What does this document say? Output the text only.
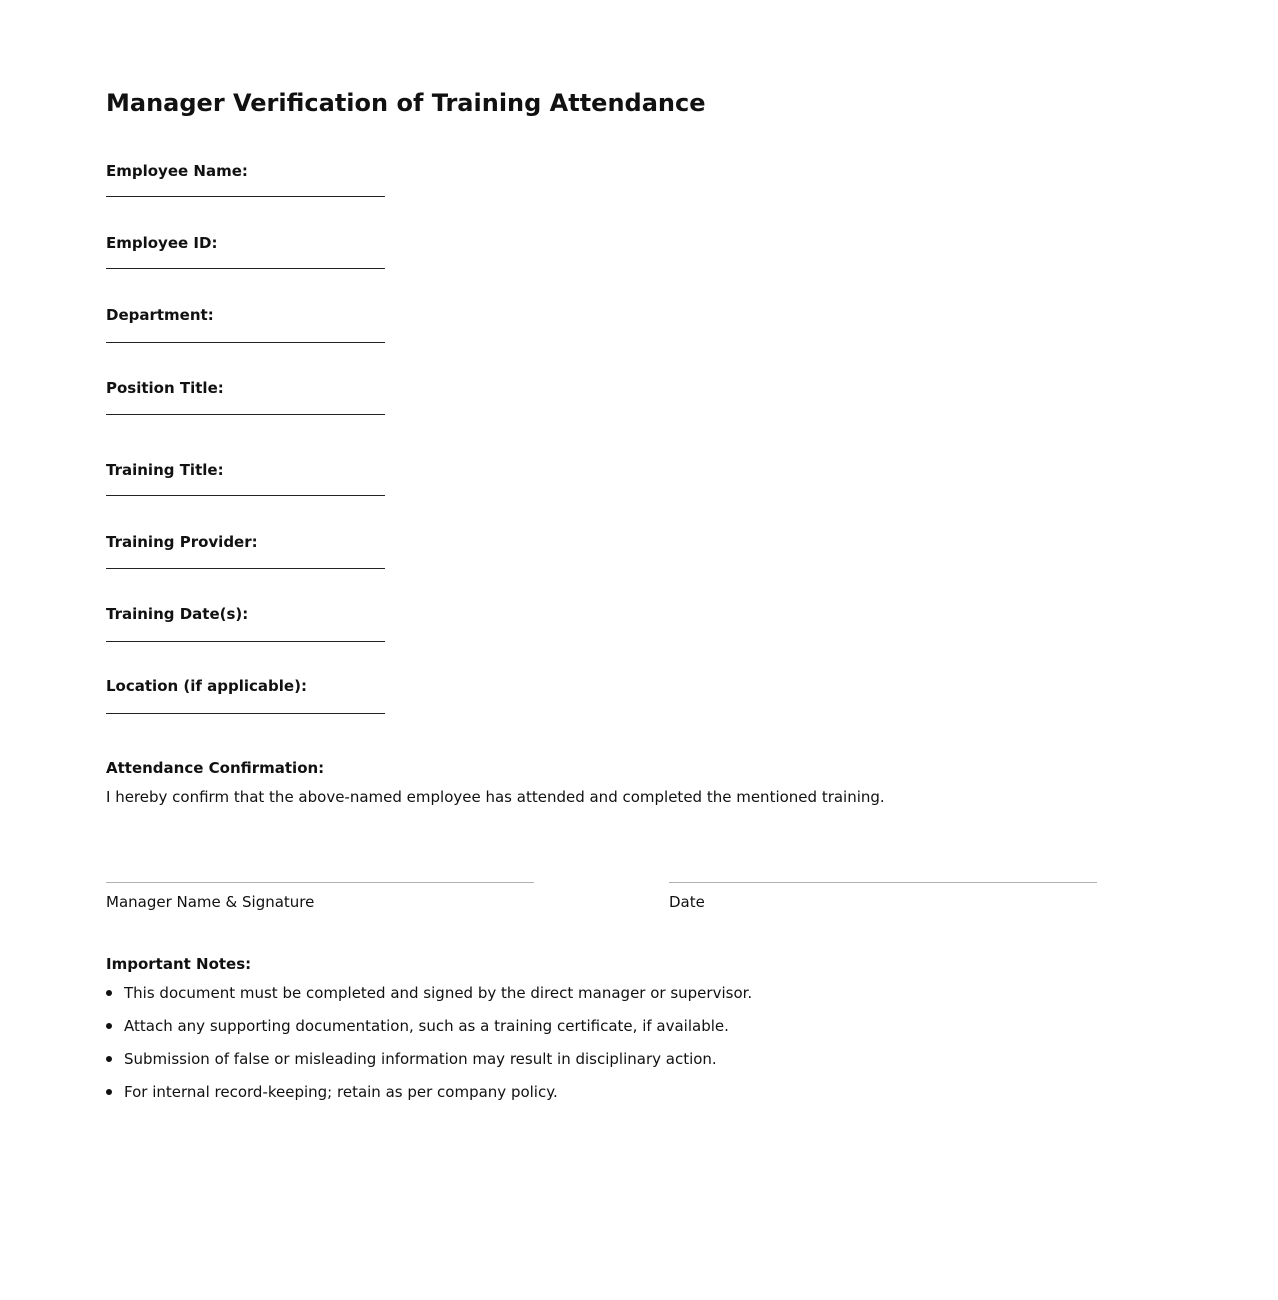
Manager Verification of Training Attendance
Employee Name:
Employee ID:
Department:
Position Title:
Training Title:
Training Provider:
Training Date(s):
Location (if applicable):
Attendance Confirmation:
I hereby confirm that the above-named employee has attended and completed the mentioned training.
Manager Name & Signature	Date
Important Notes:
This document must be completed and signed by the direct manager or supervisor.
Attach any supporting documentation, such as a training certificate, if available.
Submission of false or misleading information may result in disciplinary action.
For internal record-keeping; retain as per company policy.
